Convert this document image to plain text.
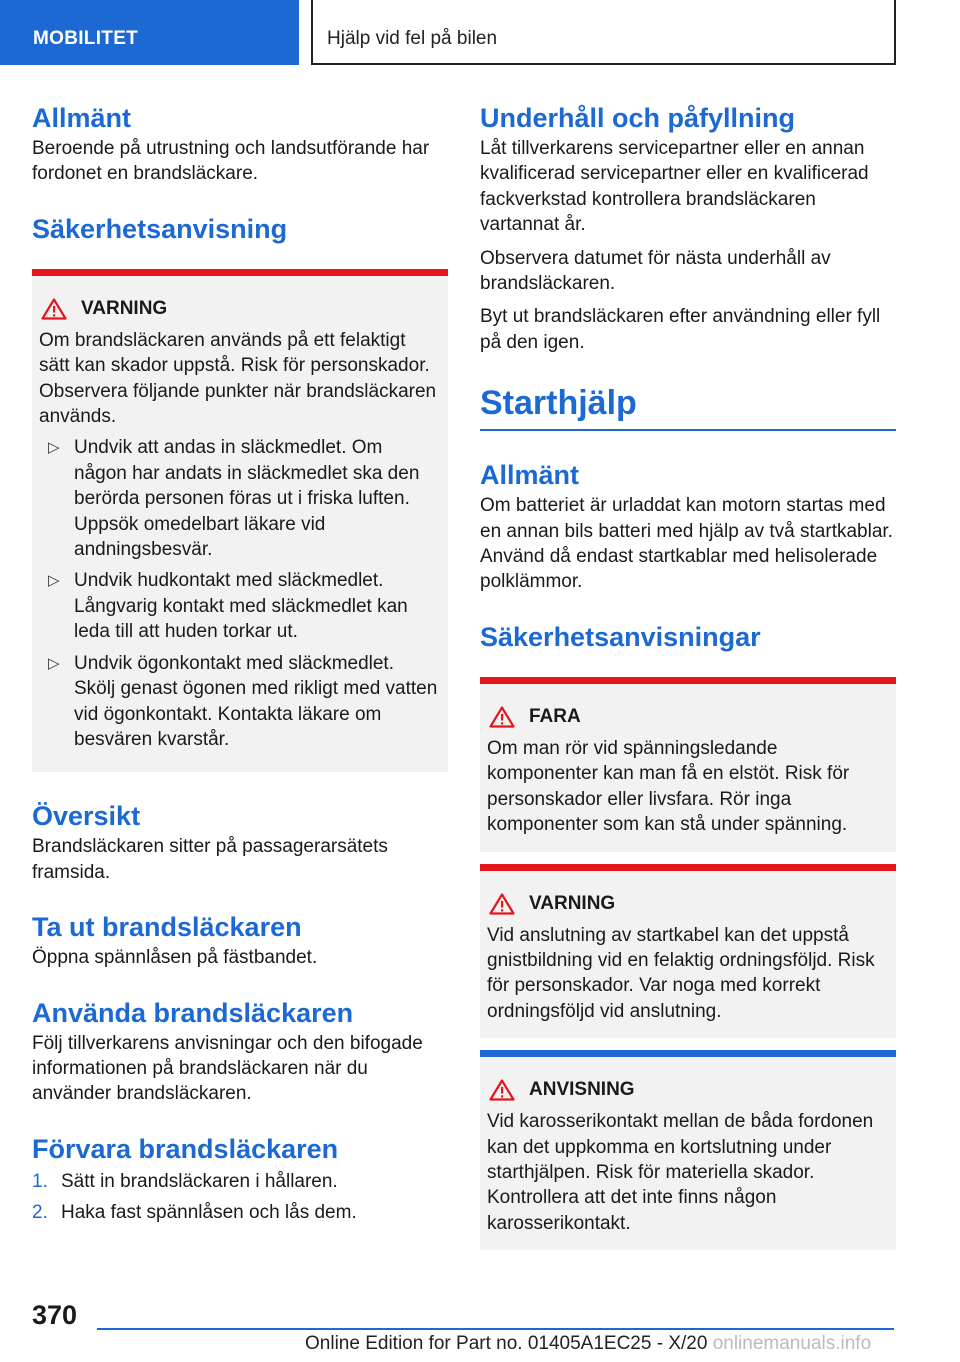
MOBILITET	Hjälp vid fel på bilen
Allmänt

Beroende på utrustning och landsutförande har fordonet en brandsläckare.

Säkerhetsanvisning
VARNING

Om brandsläckaren används på ett felaktigt sätt kan skador uppstå. Risk för personskador. Observera följande punkter när brandsläckaren används.

▷ Undvik att andas in släckmedlet. Om någon har andats in släckmedlet ska den berörda personen föras ut i friska luften. Uppsök omedelbart läkare vid andningsbesvär.
▷ Undvik hudkontakt med släckmedlet. Långvarig kontakt med släckmedlet kan leda till att huden torkar ut.
▷ Undvik ögonkontakt med släckmedlet. Skölj genast ögonen med rikligt med vatten vid ögonkontakt. Kontakta läkare om besvären kvarstår.
Översikt

Brandsläckaren sitter på passagerarsätets framsida.

Ta ut brandsläckaren

Öppna spännlåsen på fästbandet.

Använda brandsläckaren

Följ tillverkarens anvisningar och den bifogade informationen på brandsläckaren när du använder brandsläckaren.

Förvara brandsläckaren
1. Sätt in brandsläckaren i hållaren.
2. Haka fast spännlåsen och lås dem.
Underhåll och påfyllning

Låt tillverkarens servicepartner eller en annan kvalificerad servicepartner eller en kvalificerad fackverkstad kontrollera brandsläckaren vartannat år.

Observera datumet för nästa underhåll av brandsläckaren.

Byt ut brandsläckaren efter användning eller fyll på den igen.

Starthjälp
Allmänt

Om batteriet är urladdat kan motorn startas med en annan bils batteri med hjälp av två startkablar. Använd då endast startkablar med helisolerade polklämmor.

Säkerhetsanvisningar
FARA

Om man rör vid spänningsledande komponenter kan man få en elstöt. Risk för personskador eller livsfara. Rör inga komponenter som kan stå under spänning.

VARNING

Vid anslutning av startkabel kan det uppstå gnistbildning vid en felaktig ordningsföljd. Risk för personskador. Var noga med korrekt ordningsföljd vid anslutning.

ANVISNING

Vid karosserikontakt mellan de båda fordonen kan det uppkomma en kortslutning under starthjälpen. Risk för materiella skador. Kontrollera att det inte finns någon karosserikontakt.

370
Online Edition for Part no. 01405A1EC25 - X/20 onlinemanuals.info
